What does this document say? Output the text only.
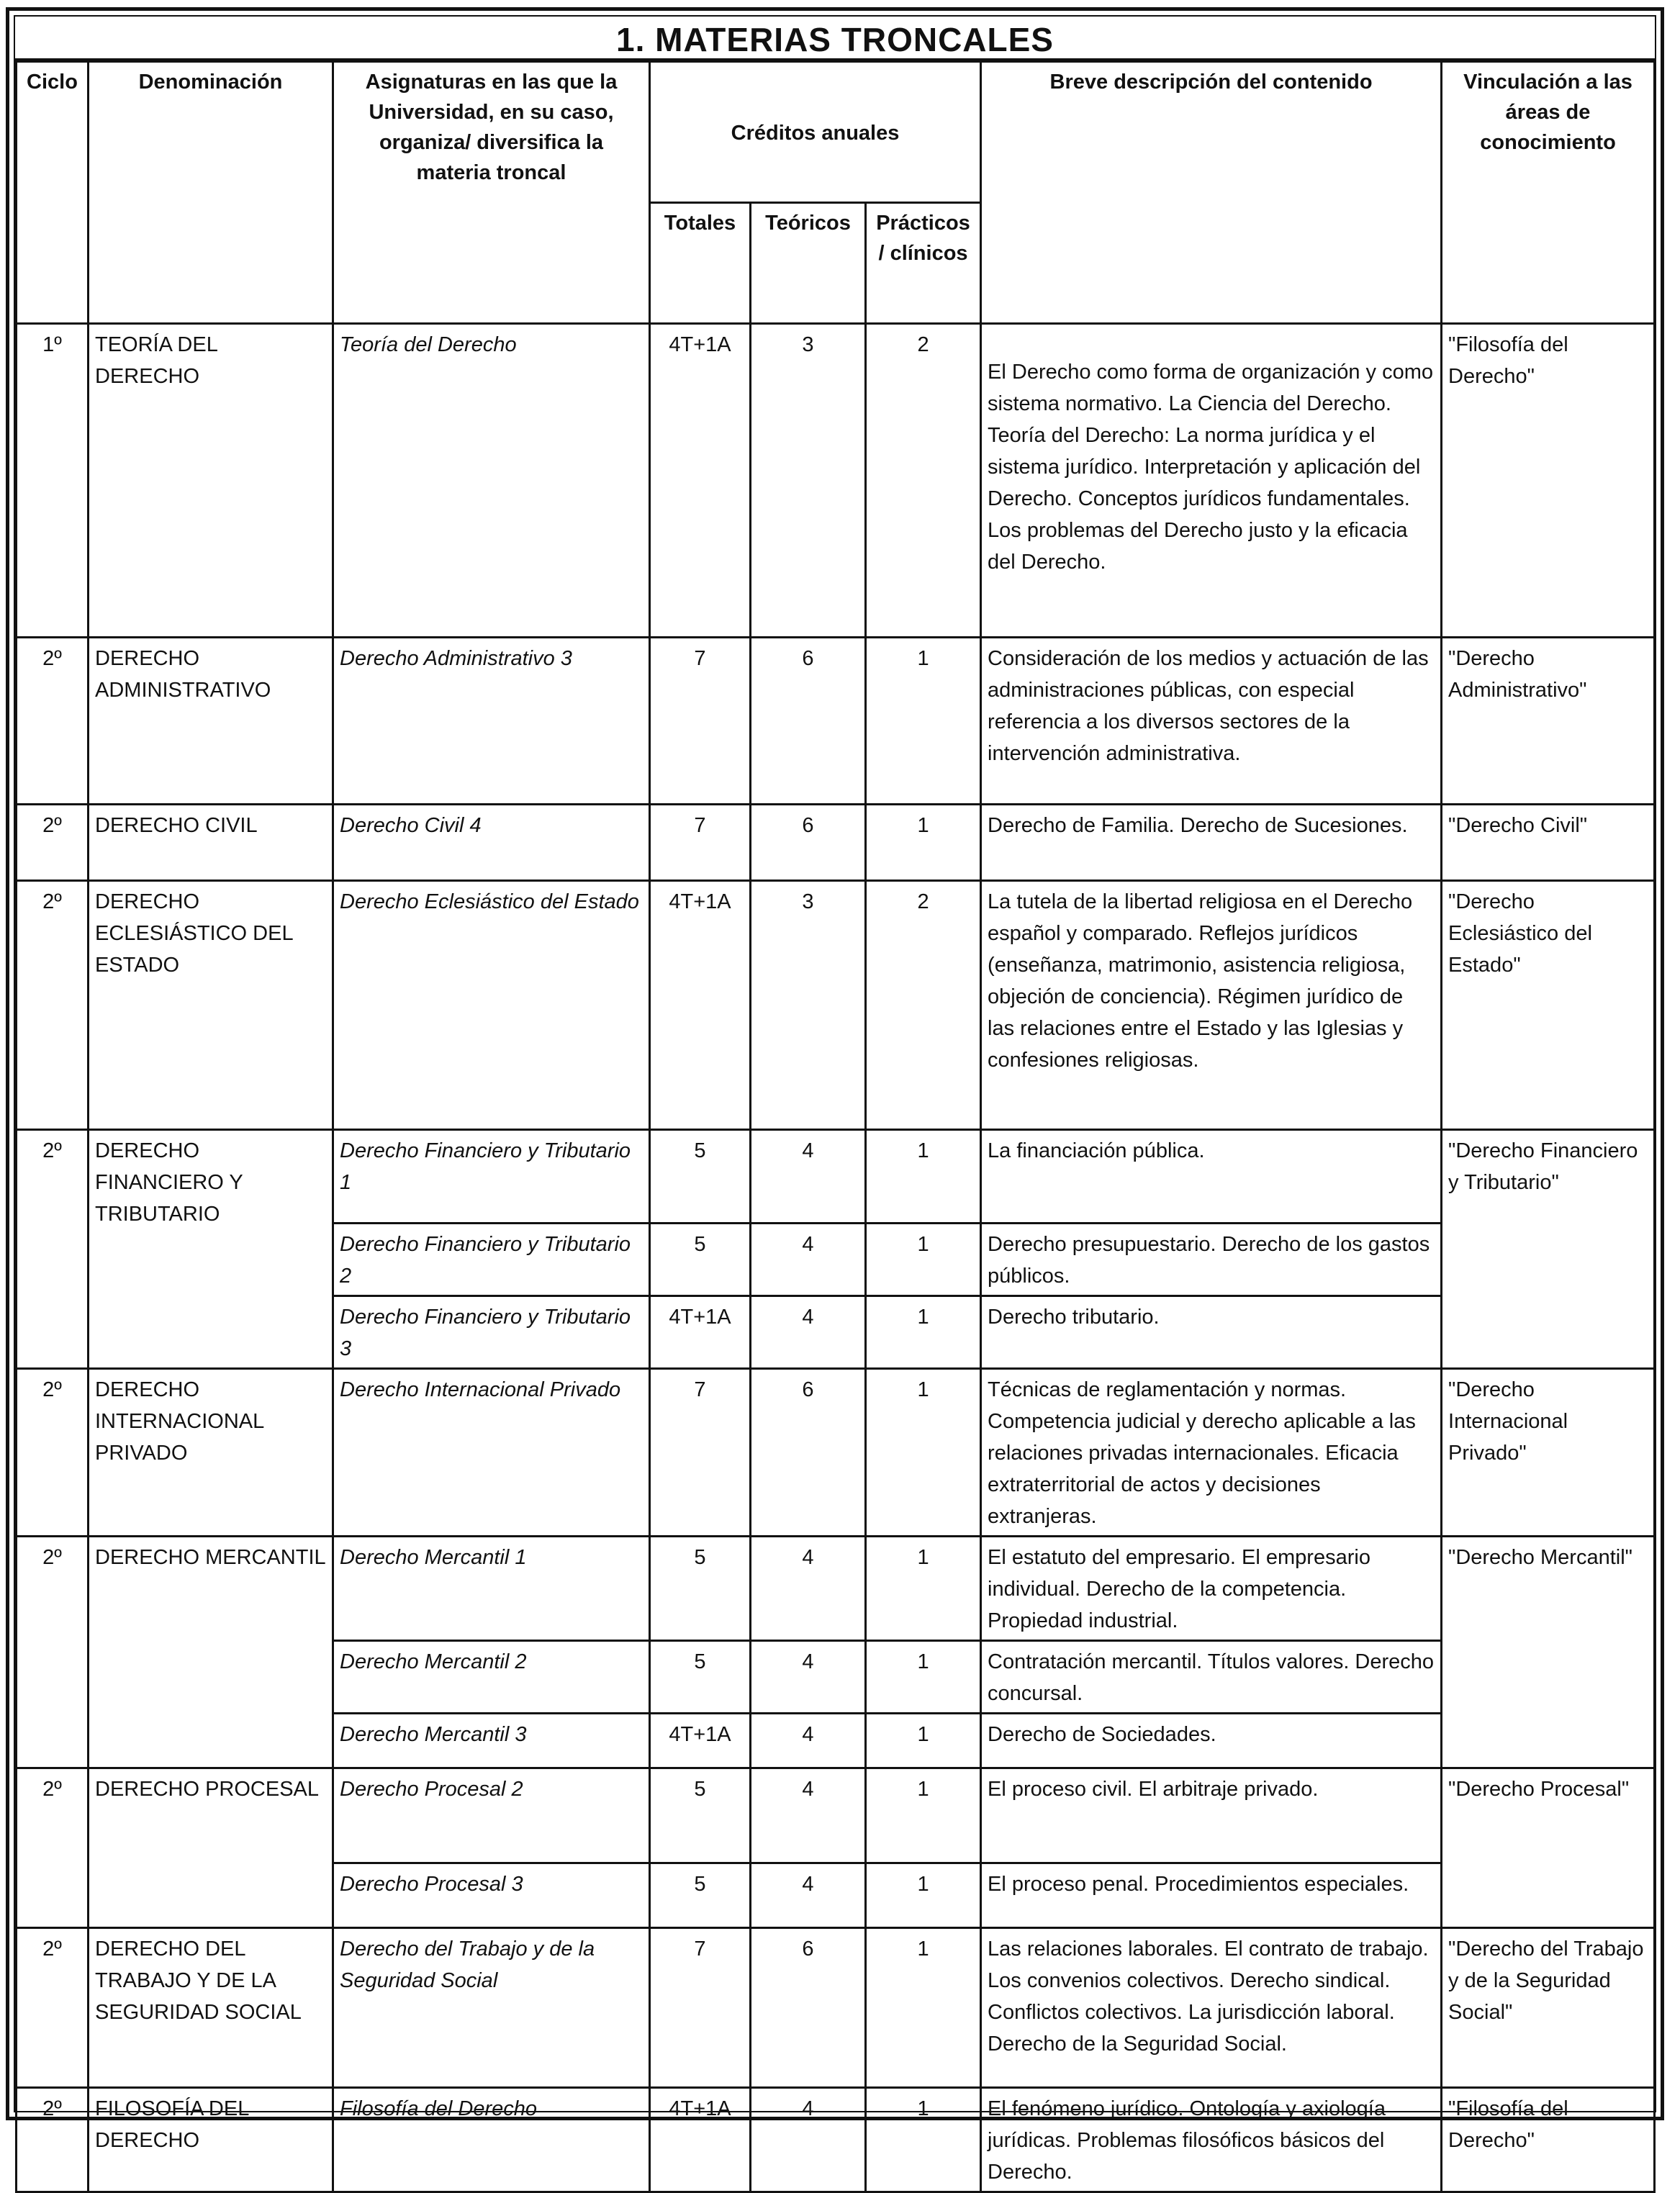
1. MATERIAS TRONCALES
Ciclo	Denominación	Asignaturas en las que la Universidad, en su caso, organiza/ diversifica la materia troncal	Créditos anuales			Breve descripción del contenido	Vinculación a las áreas de conocimiento
			Totales	Teóricos	Prácticos / clínicos		
1º	TEORÍA DEL DERECHO	Teoría del Derecho	4T+1A	3	2	El Derecho como forma de organización y como sistema normativo. La Ciencia del Derecho. Teoría del Derecho: La norma jurídica y el sistema jurídico. Interpretación y aplicación del Derecho. Conceptos jurídicos fundamentales. Los problemas del Derecho justo y la eficacia del Derecho.	"Filosofía del Derecho"
2º	DERECHO ADMINISTRATIVO	Derecho Administrativo 3	7	6	1	Consideración de los medios y actuación de las administraciones públicas, con especial referencia a los diversos sectores de la intervención administrativa.	"Derecho Administrativo"
2º	DERECHO CIVIL	Derecho Civil 4	7	6	1	Derecho de Familia. Derecho de Sucesiones.	"Derecho Civil"
2º	DERECHO ECLESIÁSTICO DEL ESTADO	Derecho Eclesiástico del Estado	4T+1A	3	2	La tutela de la libertad religiosa en el Derecho español y comparado. Reflejos jurídicos (enseñanza, matrimonio, asistencia religiosa, objeción de conciencia). Régimen jurídico de las relaciones entre el Estado y las Iglesias y confesiones religiosas.	"Derecho Eclesiástico del Estado"
2º	DERECHO FINANCIERO Y TRIBUTARIO	Derecho Financiero y Tributario 1	5	4	1	La financiación pública.	"Derecho Financiero y Tributario"
		Derecho Financiero y Tributario 2	5	4	1	Derecho presupuestario. Derecho de los gastos públicos.	
		Derecho Financiero y Tributario 3	4T+1A	4	1	Derecho tributario.	
2º	DERECHO INTERNACIONAL PRIVADO	Derecho Internacional Privado	7	6	1	Técnicas de reglamentación y normas. Competencia judicial y derecho aplicable a las relaciones privadas internacionales. Eficacia extraterritorial de actos y decisiones extranjeras.	"Derecho Internacional Privado"
2º	DERECHO MERCANTIL	Derecho Mercantil 1	5	4	1	El estatuto del empresario. El empresario individual. Derecho de la competencia. Propiedad industrial.	"Derecho Mercantil"
		Derecho Mercantil 2	5	4	1	Contratación mercantil. Títulos valores. Derecho concursal.	
		Derecho Mercantil 3	4T+1A	4	1	Derecho de Sociedades.	
2º	DERECHO PROCESAL	Derecho Procesal 2	5	4	1	El proceso civil. El arbitraje privado.	"Derecho Procesal"
		Derecho Procesal 3	5	4	1	El proceso penal. Procedimientos especiales.	
2º	DERECHO DEL TRABAJO Y DE LA SEGURIDAD SOCIAL	Derecho del Trabajo y de la Seguridad Social	7	6	1	Las relaciones laborales. El contrato de trabajo. Los convenios colectivos. Derecho sindical. Conflictos colectivos. La jurisdicción laboral. Derecho de la Seguridad Social.	"Derecho del Trabajo y de la Seguridad Social"
2º	FILOSOFÍA DEL DERECHO	Filosofía del Derecho	4T+1A	4	1	El fenómeno jurídico. Ontología y axiología jurídicas. Problemas filosóficos básicos del Derecho.	"Filosofía del Derecho"
